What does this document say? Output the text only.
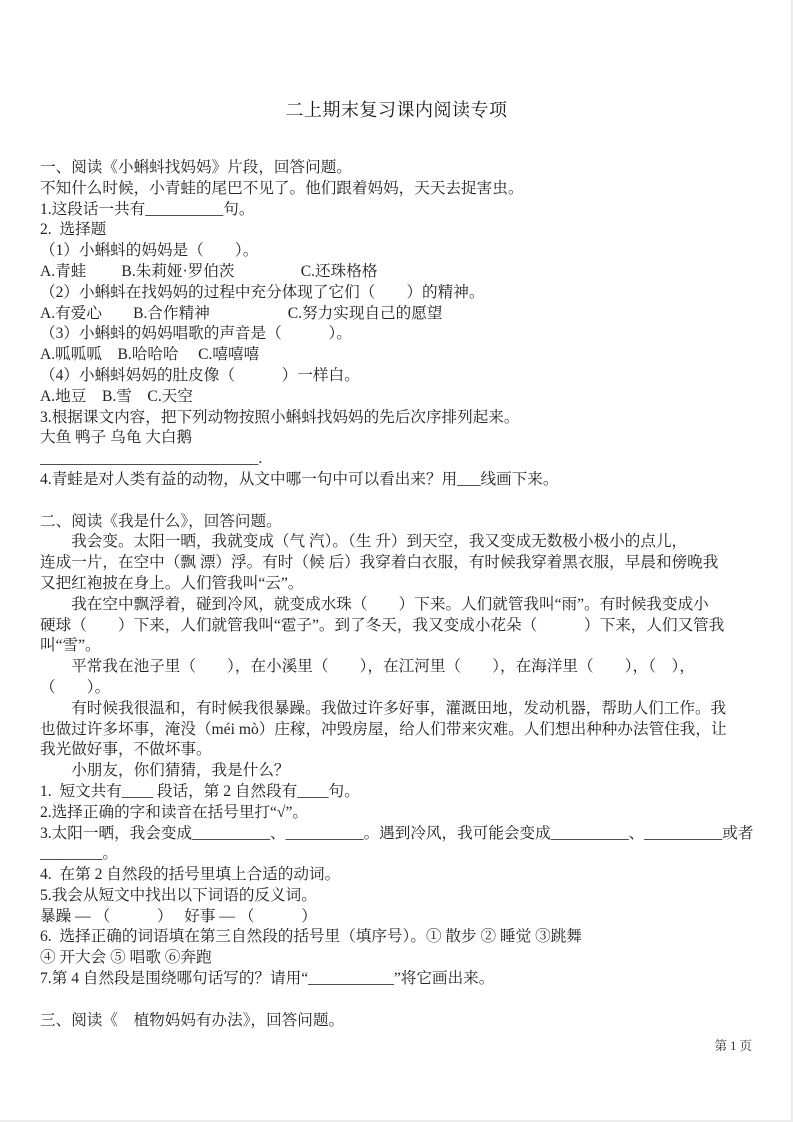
二上期末复习课内阅读专项
一、阅读《小蝌蚪找妈妈》片段，回答问题。
不知什么时候，小青蛙的尾巴不见了。他们跟着妈妈，天天去捉害虫。
1.这段话一共有__________句。
2.  选择题
（1）小蝌蚪的妈妈是（　　）。
A.青蛙　　 B.朱莉娅·罗伯茨　　　　 C.还珠格格
（2）小蝌蚪在找妈妈的过程中充分体现了它们（　　）的精神。
A.有爱心　　B.合作精神　　　　　C.努力实现自己的愿望
（3）小蝌蚪的妈妈唱歌的声音是（　　　）。
A.呱呱呱　B.哈哈哈　 C.嘻嘻嘻
（4）小蝌蚪妈妈的肚皮像（　　　）一样白。
A.地豆　B.雪　C.天空
3.根据课文内容，把下列动物按照小蝌蚪找妈妈的先后次序排列起来。
大鱼 鸭子 乌龟 大白鹅
____________________________.
4.青蛙是对人类有益的动物，从文中哪一句中可以看出来？用___线画下来。
二、阅读《我是什么》，回答问题。
　　我会变。太阳一晒，我就变成（气 汽）。（生 升）到天空，我又变成无数极小极小的点儿，
连成一片，在空中（飘 漂）浮。有时（候 后）我穿着白衣服，有时候我穿着黑衣服，早晨和傍晚我
又把红袍披在身上。人们管我叫“云”。
　　我在空中飘浮着，碰到冷风，就变成水珠（　　）下来。人们就管我叫“雨”。有时候我变成小
硬球（　　）下来，人们就管我叫“雹子”。到了冬天，我又变成小花朵（　　　）下来，人们又管我
叫“雪”。
　　平常我在池子里（　　），在小溪里（　　），在江河里（　　），在海洋里（　　），（　），
（　　）。
　　有时候我很温和，有时候我很暴躁。我做过许多好事，灌溉田地，发动机器，帮助人们工作。我
也做过许多坏事，淹没（méi mò）庄稼，冲毁房屋，给人们带来灾难。人们想出种种办法管住我，让
我光做好事，不做坏事。
　　小朋友，你们猜猜，我是什么？
1.  短文共有____ 段话，第 2 自然段有____句。
2.选择正确的字和读音在括号里打“√”。
3.太阳一晒，我会变成__________、__________。遇到冷风，我可能会变成__________、__________或者
________。
4.  在第 2 自然段的括号里填上合适的动词。
5.我会从短文中找出以下词语的反义词。
暴躁 — （　　　）　 好事 — （　　　）
6.  选择正确的词语填在第三自然段的括号里（填序号）。① 散步 ② 睡觉 ③跳舞
④ 开大会 ⑤ 唱歌 ⑥奔跑
7.第 4 自然段是围绕哪句话写的？请用“___________”将它画出来。
三、阅读《　植物妈妈有办法》，回答问题。
第 1 页
